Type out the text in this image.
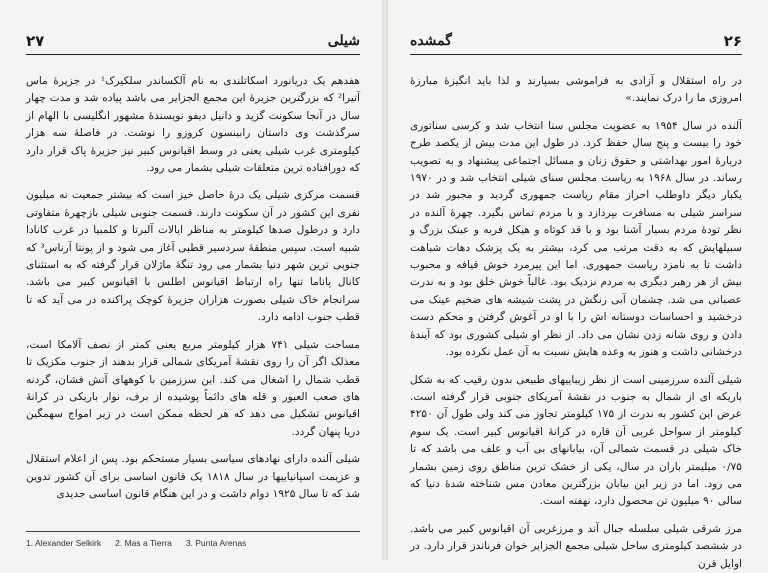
۲۷	شیلی

هفدهم یک دریانورد اسکاتلندی به نام آلکساندر سلکیرک¹ در جزیرهٔ ماس آتیرا² که بزرگترین جزیرهٔ این مجمع الجزایر می باشد پیاده شد و مدت چهار سال در آنجا سکونت گزید و دانیل دیفو نویسندهٔ مشهور انگلیسی با الهام از سرگذشت وی داستان رابینسون کروزو را نوشت. در فاصلهٔ سه هزار کیلومتری غرب شیلی یعنی در وسط اقیانوس کبیر نیز جزیرهٔ پاک قرار دارد که دورافتاده ترین متعلقات شیلی بشمار می رود.

قسمت مرکزی شیلی یک درهٔ حاصل خیز است که بیشتر جمعیت نه میلیون نفری این کشور در آن سکونت دارند. قسمت جنوبی شیلی بازچهرهٔ متفاوتی دارد و درطول صدها کیلومتر به مناظر ایالات آلبرتا و کلمبیا در غرب کانادا شبیه است. سپس منطقهٔ سردسیر قطبی آغاز می شود و از پونتا آرناس³ که جنوبی ترین شهر دنیا بشمار می رود تنگهٔ ماژلان قرار گرفته که به استثنای کانال پاناما تنها راه ارتباط اقیانوس اطلس با اقیانوس کبیر می باشد. سرانجام خاک شیلی بصورت هزاران جزیرهٔ کوچک پراکنده در می آید که تا قطب جنوب ادامه دارد.

مساحت شیلی ۷۴۱ هزار کیلومتر مربع یعنی کمتر از نصف آلامکا است، معذلک اگر آن را روی نقشهٔ آمریکای شمالی قرار بدهند از جنوب مکزیک تا قطب شمال را اشغال می کند. این سرزمین با کوههای آتش فشان، گردنه های صعب العبور و قله های دائماً پوشیده از برف، نوار باریکی در کرانهٔ اقیانوس تشکیل می دهد که هر لحظه ممکن است در زیر امواج سهمگین دریا پنهان گردد.

شیلی آلنده دارای نهادهای سیاسی بسیار مستحکم بود. پس از اعلام استقلال و عزیمت اسپانیاییها در سال ۱۸۱۸ یک قانون اساسی برای آن کشور تدوین شد که تا سال ۱۹۲۵ دوام داشت و در این هنگام قانون اساسی جدیدی

1. Alexander Selkirk 2. Mas a Tierra 3. Punta Arenas
گمشده	۲۶

در راه استقلال و آزادی به فراموشی بسپارند و لذا باید انگیزهٔ مبارزهٔ امروزی ما را درک نمایند.»

آلنده در سال ۱۹۵۴ به عضویت مجلس سنا انتخاب شد و کرسی سناتوری خود را بیست و پنج سال حفظ کرد. در طول این مدت بیش از یکصد طرح دربارهٔ امور بهداشتی و حقوق زنان و مسائل اجتماعی پیشنهاد و به تصویب رساند. در سال ۱۹۶۸ به ریاست مجلس سنای شیلی انتخاب شد و در ۱۹۷۰ یکبار دیگر داوطلب احراز مقام ریاست جمهوری گردید و مجبور شد در سراسر شیلی به مسافرت بپردازد و با مردم تماس بگیرد. چهرهٔ آلنده در نظر تودهٔ مردم بسیار آشنا بود و با قد کوتاه و هیکل فربه و عینک بزرگ و سبیلهایش که به دقت مرتب می کرد، بیشتر به یک پزشک دهات شباهت داشت تا به نامزد ریاست جمهوری. اما این پیرمرد خوش قیافه و محبوب بیش از هر رهبر دیگری به مردم نزدیک بود. غالباً خوش خلق بود و به ندرت عصبانی می شد. چشمان آبی رنگش در پشت شیشه های ضخیم عینک می درخشید و احساسات دوستانه اش را با او در آغوش گرفتن و محکم دست دادن و روی شانه زدن نشان می داد. از نظر او شیلی کشوری بود که آیندهٔ درخشانی داشت و هنوز به وعده هایش نسبت به آن عمل نکرده بود.

شیلی آلنده سرزمینی است از نظر زیباییهای طبیعی بدون رقیب که به شکل باریکه ای از شمال به جنوب در نقشهٔ آمریکای جنوبی قرار گرفته است. عرض این کشور به ندرت از ۱۷۵ کیلومتر تجاوز می کند ولی طول آن ۴۲۵۰ کیلومتر از سواحل غربی آن قاره در کرانهٔ اقیانوس کبیر است. یک سوم خاک شیلی در قسمت شمالی آن، بیابانهای بی آب و علف می باشد که تا ۰/۷۵ میلیمتر باران در سال، یکی از خشک ترین مناطق روی زمین بشمار می رود. اما در زیر این بیابان بزرگترین معادن مس شناخته شدهٔ دنیا که سالی ۹۰ میلیون تن محصول دارد، نهفته است.

مرز شرقی شیلی سلسله جبال آند و مرزغربی آن اقیانوس کبیر می باشد. در ششصد کیلومتری ساحل شیلی مجمع الجزایر خوان فرناندز قرار دارد. در اوایل قرن
